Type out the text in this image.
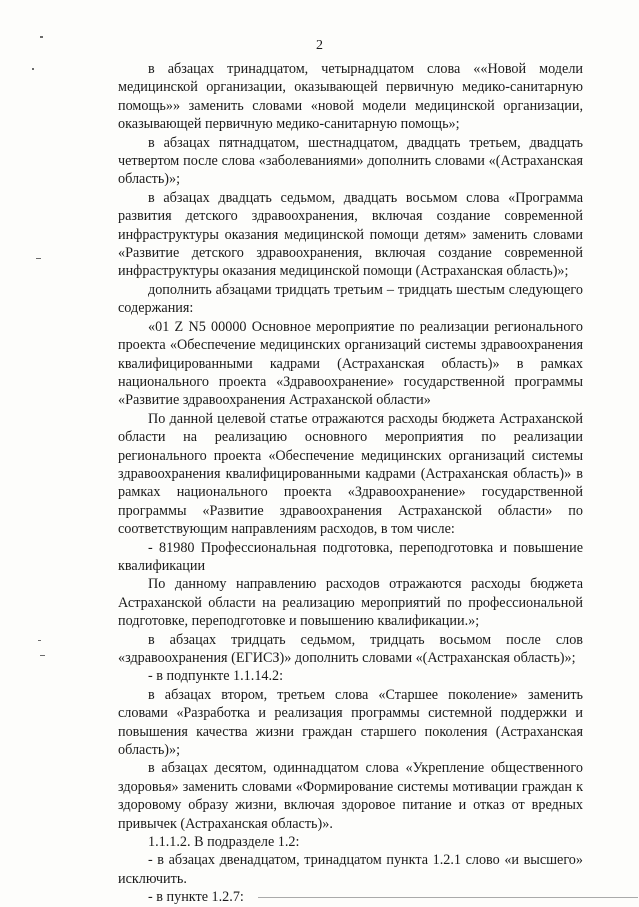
2

в абзацах тринадцатом, четырнадцатом слова ««Новой модели медицинской организации, оказывающей первичную медико-санитарную помощь»» заменить словами «новой модели медицинской организации, оказывающей первичную медико-санитарную помощь»;

в абзацах пятнадцатом, шестнадцатом, двадцать третьем, двадцать четвертом после слова «заболеваниями» дополнить словами «(Астраханская область)»;

в абзацах двадцать седьмом, двадцать восьмом слова «Программа развития детского здравоохранения, включая создание современной инфраструктуры оказания медицинской помощи детям» заменить словами «Развитие детского здравоохранения, включая создание современной инфраструктуры оказания медицинской помощи (Астраханская область)»;

дополнить абзацами тридцать третьим – тридцать шестым следующего содержания:

«01 Z N5 00000 Основное мероприятие по реализации регионального проекта «Обеспечение медицинских организаций системы здравоохранения квалифицированными кадрами (Астраханская область)» в рамках национального проекта «Здравоохранение» государственной программы «Развитие здравоохранения Астраханской области»

По данной целевой статье отражаются расходы бюджета Астраханской области на реализацию основного мероприятия по реализации регионального проекта «Обеспечение медицинских организаций системы здравоохранения квалифицированными кадрами (Астраханская область)» в рамках национального проекта «Здравоохранение» государственной программы «Развитие здравоохранения Астраханской области» по соответствующим направлениям расходов, в том числе:

- 81980 Профессиональная подготовка, переподготовка и повышение квалификации

По данному направлению расходов отражаются расходы бюджета Астраханской области на реализацию мероприятий по профессиональной подготовке, переподготовке и повышению квалификации.»;

в абзацах тридцать седьмом, тридцать восьмом после слов «здравоохранения (ЕГИСЗ)» дополнить словами «(Астраханская область)»;

- в подпункте 1.1.14.2:

в абзацах втором, третьем слова «Старшее поколение» заменить словами «Разработка и реализация программы системной поддержки и повышения качества жизни граждан старшего поколения (Астраханская область)»;

в абзацах десятом, одиннадцатом слова «Укрепление общественного здоровья» заменить словами «Формирование системы мотивации граждан к здоровому образу жизни, включая здоровое питание и отказ от вредных привычек (Астраханская область)».

1.1.1.2. В подразделе 1.2:

- в абзацах двенадцатом, тринадцатом пункта 1.2.1 слово «и высшего» исключить.

- в пункте 1.2.7:
